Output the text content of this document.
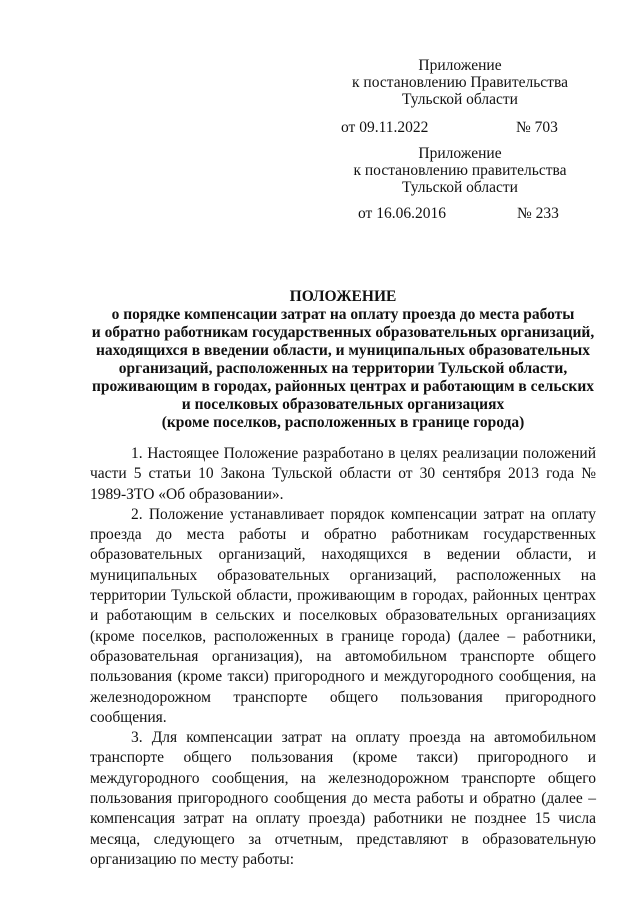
Приложение
к постановлению Правительства
Тульской области
от 09.11.2022	№ 703
Приложение
к постановлению правительства
Тульской области
от 16.06.2016	№ 233
ПОЛОЖЕНИЕ
о порядке компенсации затрат на оплату проезда до места работы
и обратно работникам государственных образовательных организаций,
находящихся в введении области, и муниципальных образовательных
организаций, расположенных на территории Тульской области,
проживающим в городах, районных центрах и работающим в сельских
и поселковых образовательных организациях
(кроме поселков, расположенных в границе города)

1. Настоящее Положение разработано в целях реализации положений части 5 статьи 10 Закона Тульской области от 30 сентября 2013 года № 1989-ЗТО «Об образовании».

2. Положение устанавливает порядок компенсации затрат на оплату проезда до места работы и обратно работникам государственных образовательных организаций, находящихся в ведении области, и муниципальных образовательных организаций, расположенных на территории Тульской области, проживающим в городах, районных центрах и работающим в сельских и поселковых образовательных организациях (кроме поселков, расположенных в границе города) (далее – работники, образовательная организация), на автомобильном транспорте общего пользования (кроме такси) пригородного и междугородного сообщения, на железнодорожном транспорте общего пользования пригородного сообщения.

3. Для компенсации затрат на оплату проезда на автомобильном транспорте общего пользования (кроме такси) пригородного и междугородного сообщения, на железнодорожном транспорте общего пользования пригородного сообщения до места работы и обратно (далее – компенсация затрат на оплату проезда) работники не позднее 15 числа месяца, следующего за отчетным, представляют в образовательную организацию по месту работы:
